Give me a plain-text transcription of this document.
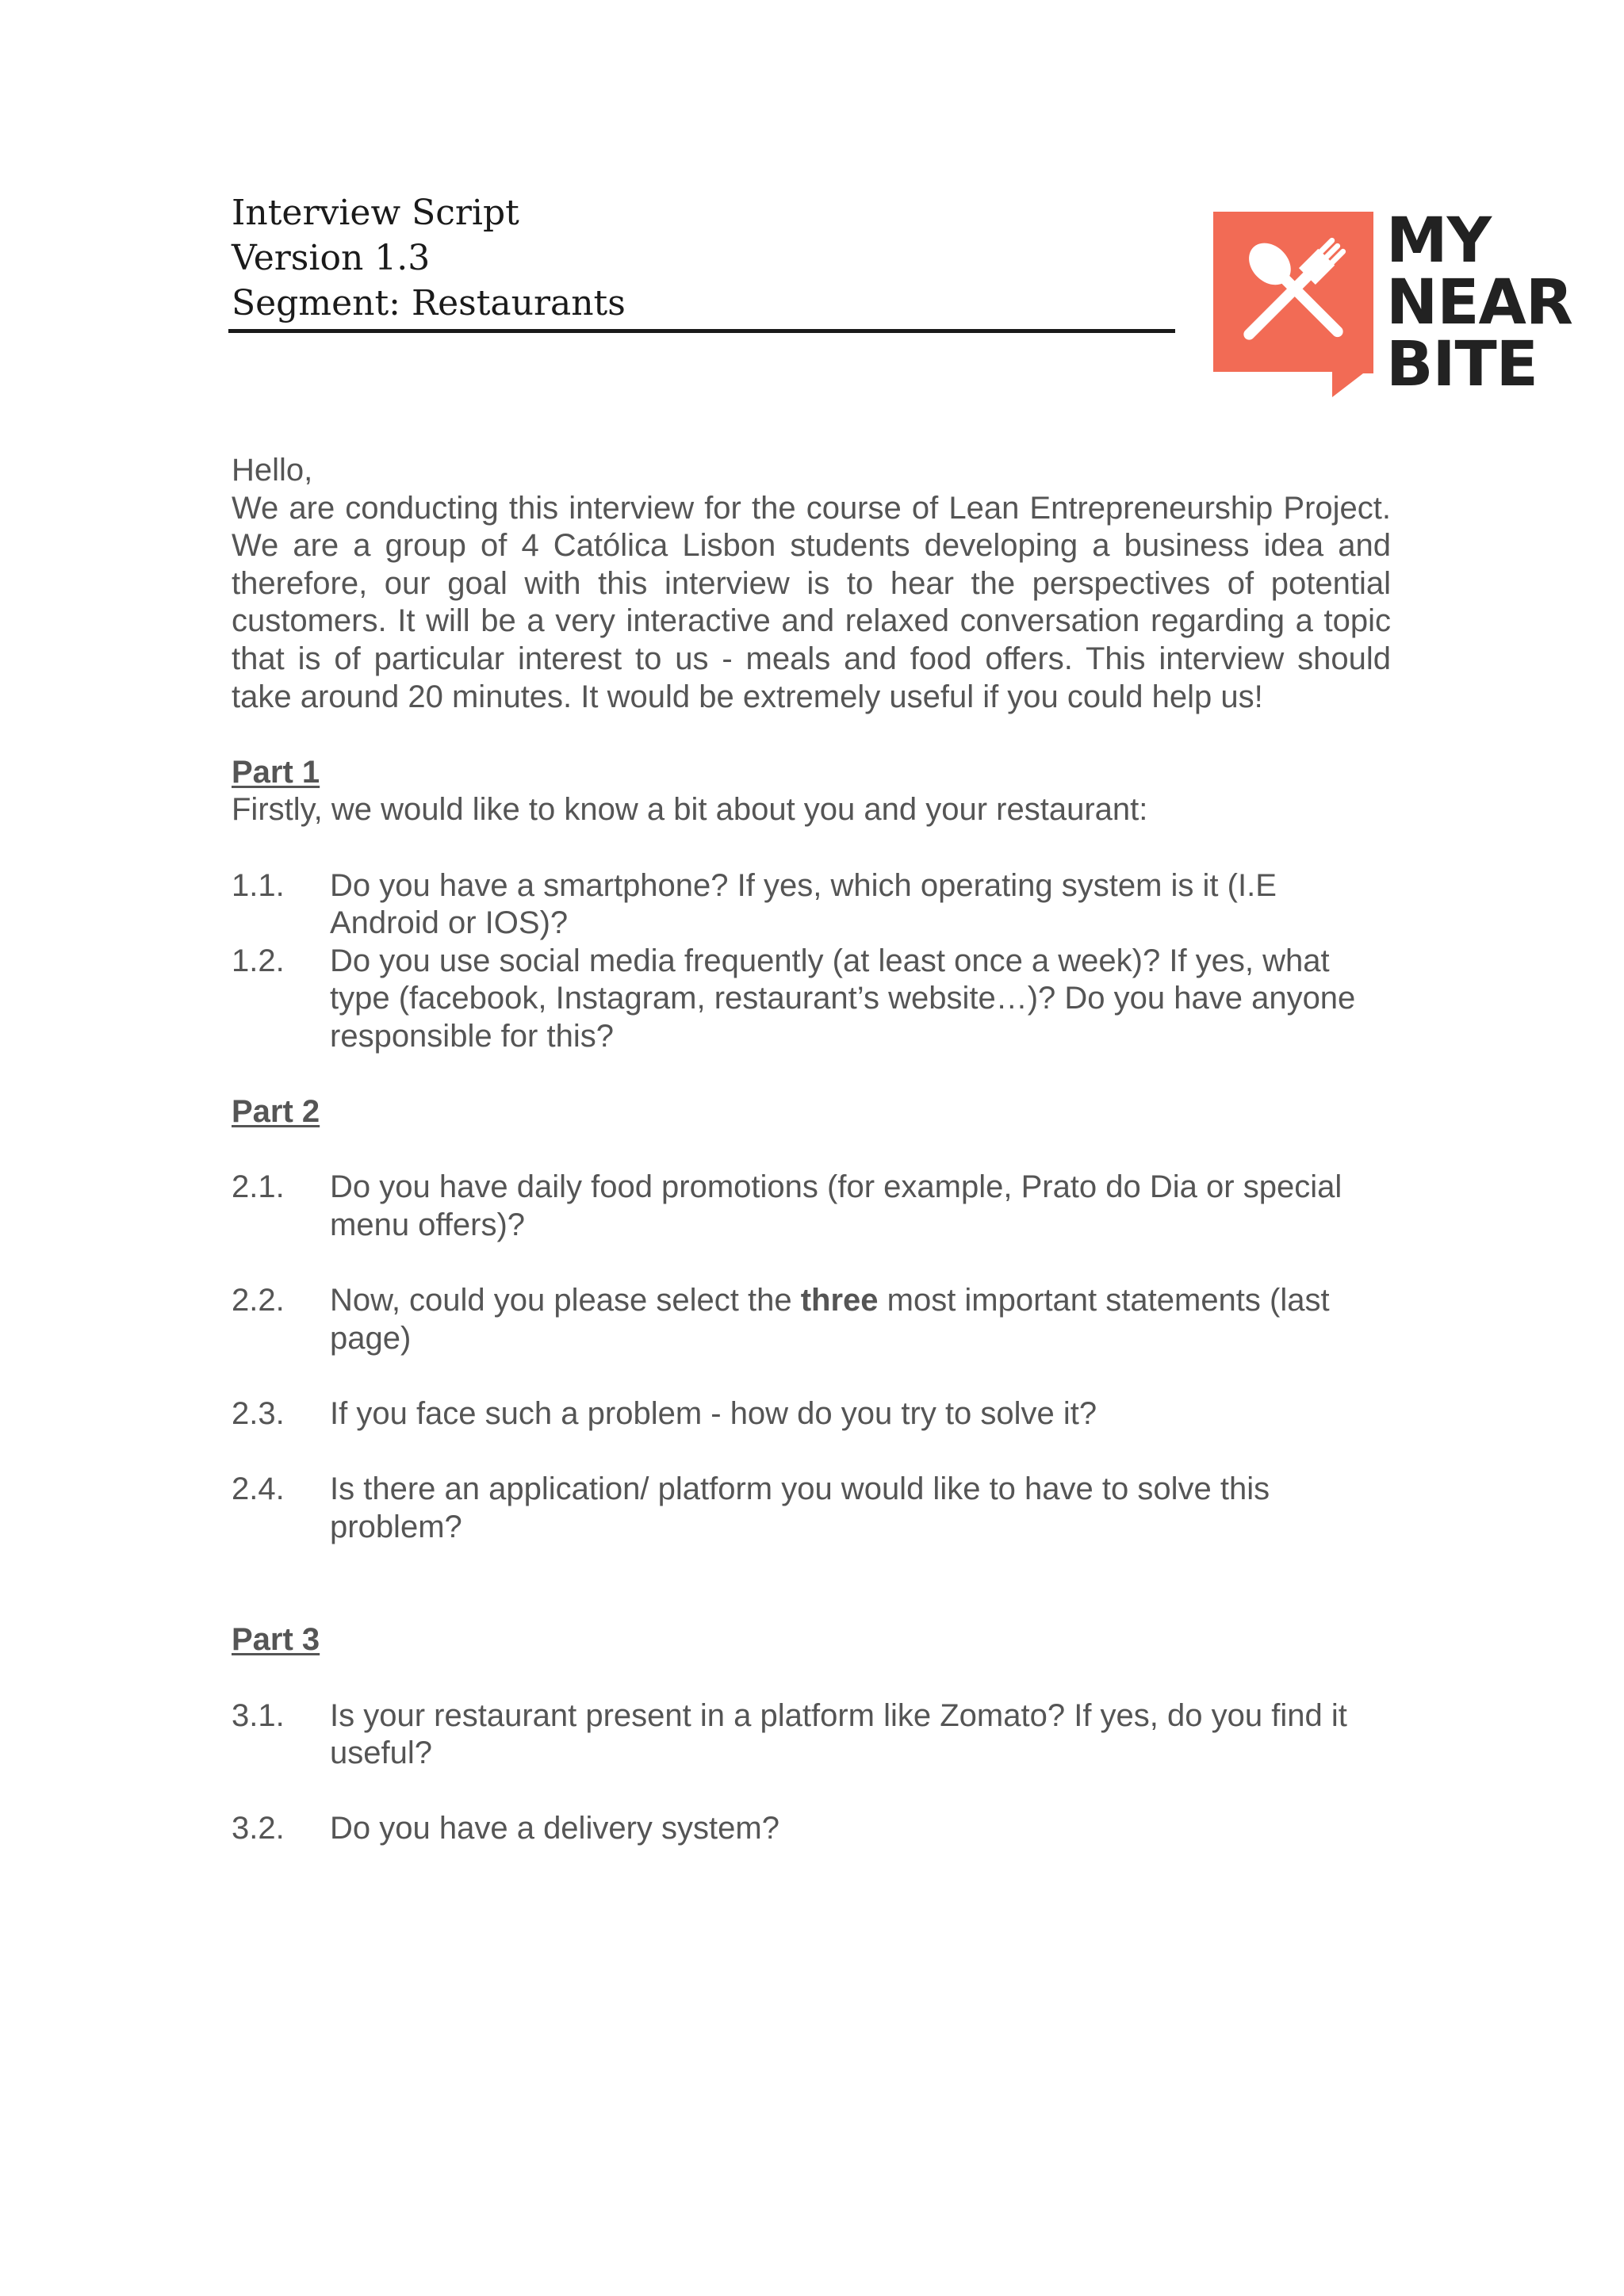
Interview Script
Version 1.3
Segment: Restaurants
MY
NEAR
BITE

Hello,

We are conducting this interview for the course of Lean Entrepreneurship Project. We are a group of 4 Católica Lisbon students developing a business idea and therefore, our goal with this interview is to hear the perspectives of potential customers. It will be a very interactive and relaxed conversation regarding a topic that is of particular interest to us - meals and food offers. This interview should take around 20 minutes. It would be extremely useful if you could help us!

Part 1

Firstly, we would like to know a bit about you and your restaurant:

1.1.	Do you have a smartphone? If yes, which operating system is it (I.E Android or IOS)?
1.2.	Do you use social media frequently (at least once a week)? If yes, what type (facebook, Instagram, restaurant’s website…)? Do you have anyone responsible for this?
Part 2
2.1.	Do you have daily food promotions (for example, Prato do Dia or special menu offers)?
2.2.	Now, could you please select the three most important statements (last page)
2.3.	If you face such a problem - how do you try to solve it?
2.4.	Is there an application/ platform you would like to have to solve this problem?
Part 3
3.1.	Is your restaurant present in a platform like Zomato? If yes, do you find it useful?
3.2.	Do you have a delivery system?
